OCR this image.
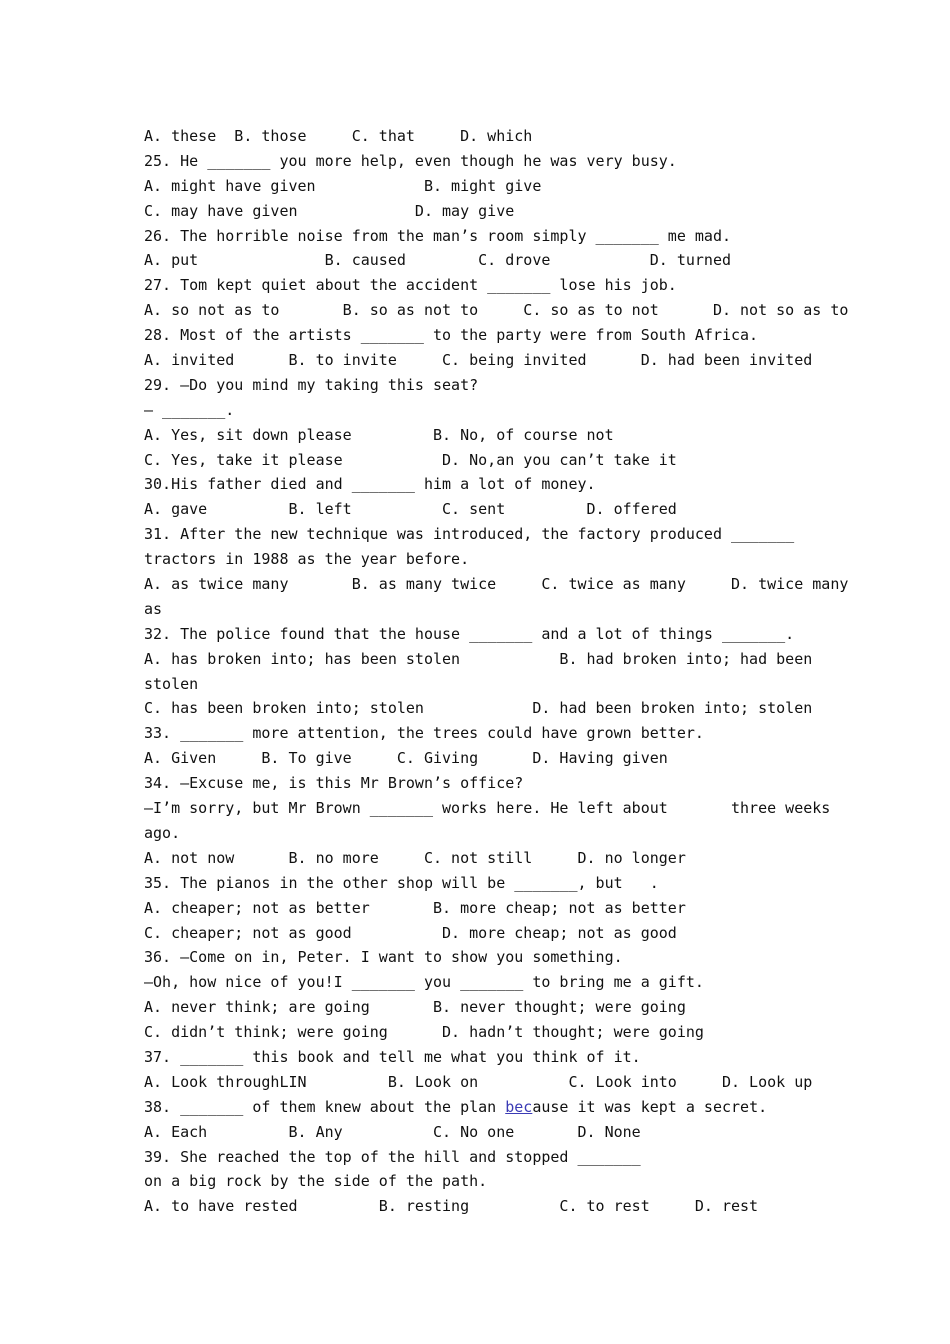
A. these  B. those     C. that     D. which
25. He _______ you more help, even though he was very busy.
A. might have given            B. might give
C. may have given             D. may give
26. The horrible noise from the man’s room simply _______ me mad.
A. put              B. caused        C. drove           D. turned
27. Tom kept quiet about the accident _______ lose his job.
A. so not as to       B. so as not to     C. so as to not      D. not so as to
28. Most of the artists _______ to the party were from South Africa.
A. invited      B. to invite     C. being invited      D. had been invited
29. —Do you mind my taking this seat?
— _______.
A. Yes, sit down please         B. No, of course not
C. Yes, take it please           D. No,an you can’t take it
30.His father died and _______ him a lot of money.
A. gave         B. left          C. sent         D. offered
31. After the new technique was introduced, the factory produced _______
tractors in 1988 as the year before.
A. as twice many       B. as many twice     C. twice as many     D. twice many
as
32. The police found that the house _______ and a lot of things _______.
A. has broken into; has been stolen           B. had broken into; had been
stolen
C. has been broken into; stolen            D. had been broken into; stolen
33. _______ more attention, the trees could have grown better.
A. Given     B. To give     C. Giving      D. Having given
34. —Excuse me, is this Mr Brown’s office?
—I’m sorry, but Mr Brown _______ works here. He left about       three weeks
ago.
A. not now      B. no more     C. not still     D. no longer
35. The pianos in the other shop will be _______, but   .
A. cheaper; not as better       B. more cheap; not as better
C. cheaper; not as good          D. more cheap; not as good
36. —Come on in, Peter. I want to show you something.
—Oh, how nice of you!I _______ you _______ to bring me a gift.
A. never think; are going       B. never thought; were going
C. didn’t think; were going      D. hadn’t thought; were going
37. _______ this book and tell me what you think of it.
A. Look throughLIN         B. Look on          C. Look into     D. Look up
38. _______ of them knew about the plan because it was kept a secret.
A. Each         B. Any          C. No one       D. None
39. She reached the top of the hill and stopped _______
on a big rock by the side of the path.
A. to have rested         B. resting          C. to rest     D. rest
